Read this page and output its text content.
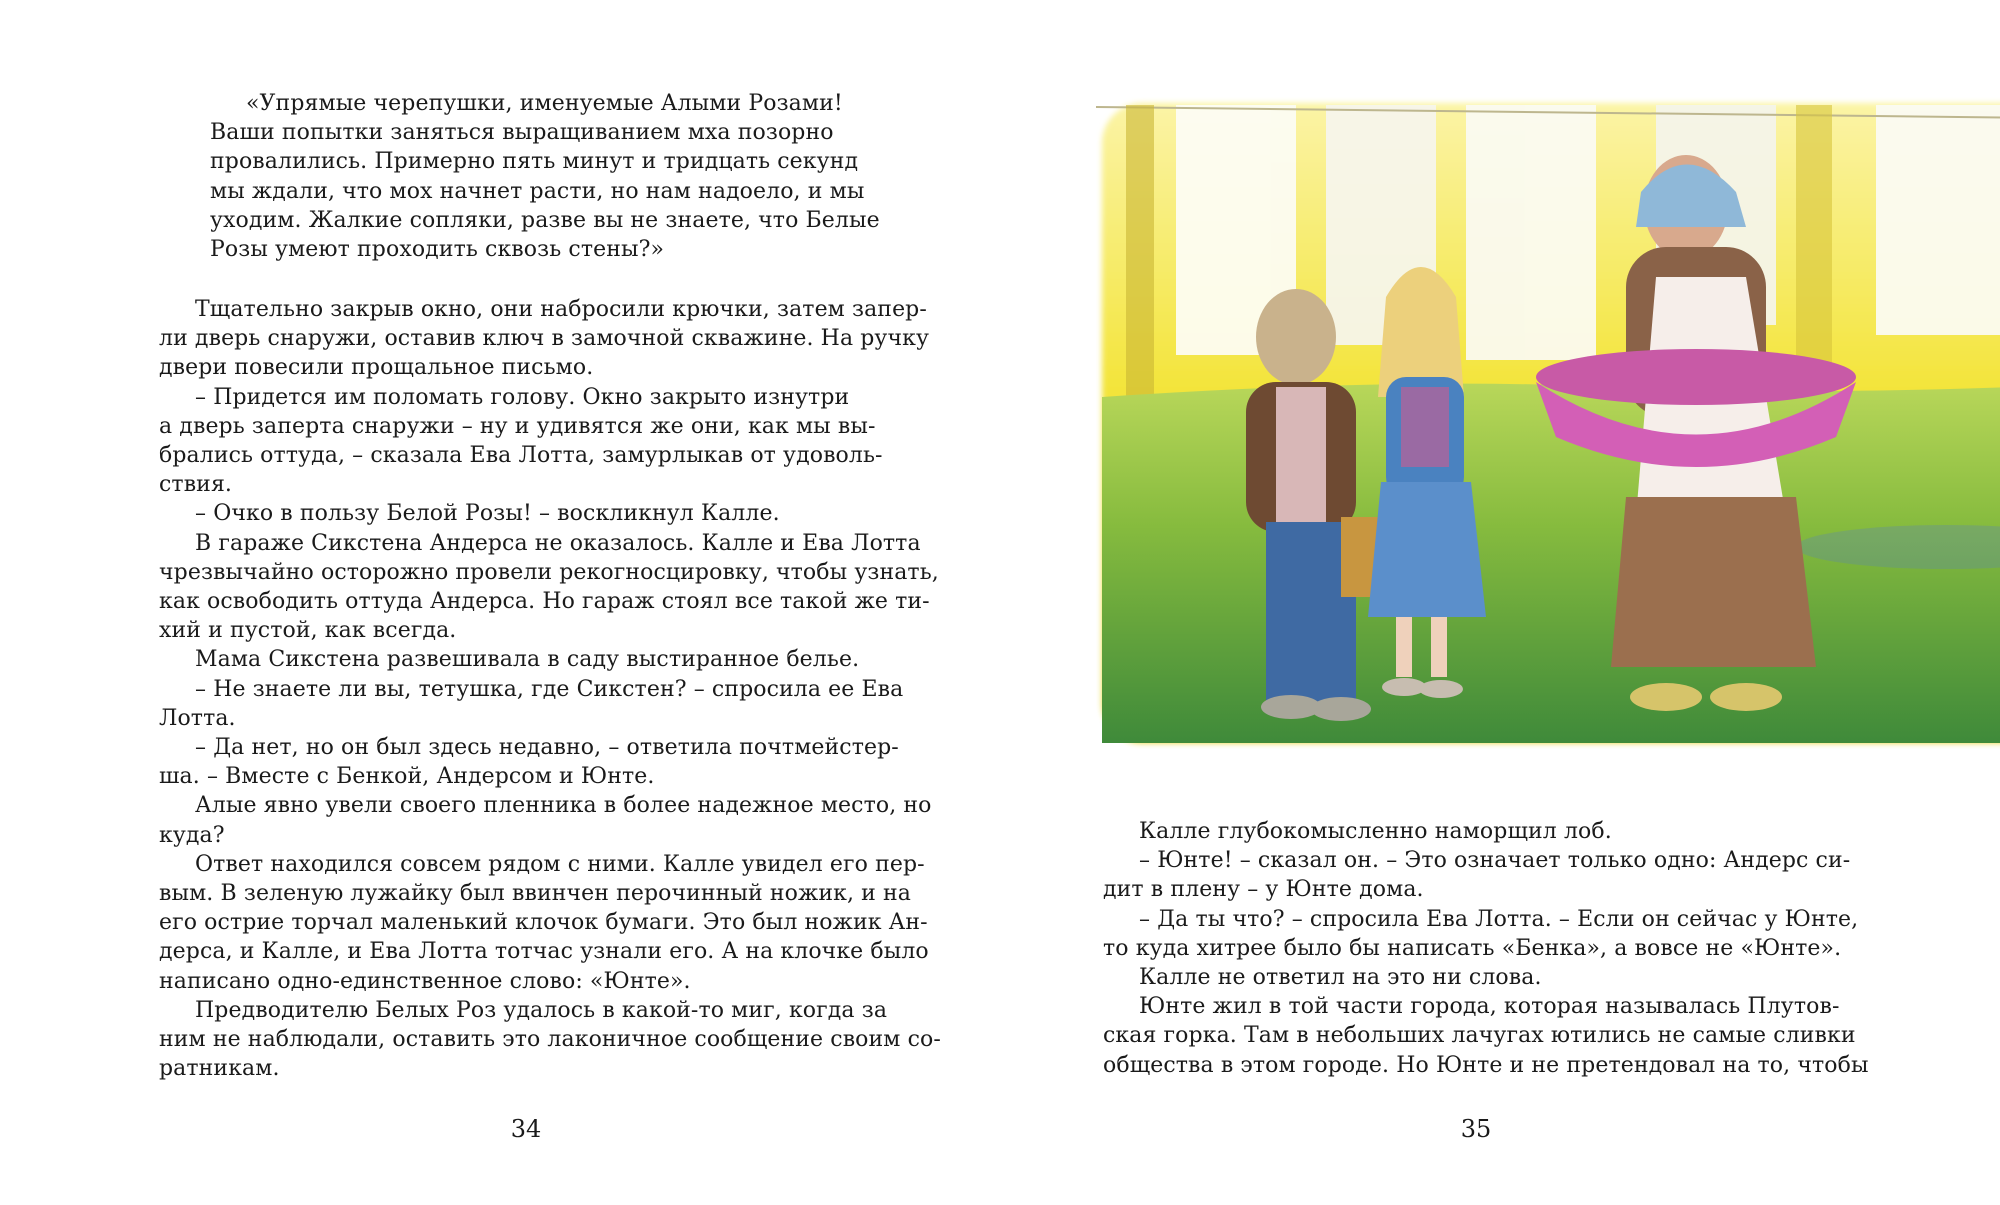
«Упрямые черепушки, именуемые Алыми Розами!
Ваши попытки заняться выращиванием мха позорно
провалились. Примерно пять минут и тридцать секунд
мы ждали, что мох начнет расти, но нам надоело, и мы
уходим. Жалкие сопляки, разве вы не знаете, что Белые
Розы умеют проходить сквозь стены?»
Тщательно закрыв окно, они набросили крючки, затем запер-
ли дверь снаружи, оставив ключ в замочной скважине. На ручку
двери повесили прощальное письмо.
– Придется им поломать голову. Окно закрыто изнутри
а дверь заперта снаружи – ну и удивятся же они, как мы вы-
брались оттуда, – сказала Ева Лотта, замурлыкав от удоволь-
ствия.
– Очко в пользу Белой Розы! – воскликнул Калле.
В гараже Сикстена Андерса не оказалось. Калле и Ева Лотта
чрезвычайно осторожно провели рекогносцировку, чтобы узнать,
как освободить оттуда Андерса. Но гараж стоял все такой же ти-
хий и пустой, как всегда.
Мама Сикстена развешивала в саду выстиранное белье.
– Не знаете ли вы, тетушка, где Сикстен? – спросила ее Ева
Лотта.
– Да нет, но он был здесь недавно, – ответила почтмейстер-
ша. – Вместе с Бенкой, Андерсом и Юнте.
Алые явно увели своего пленника в более надежное место, но
куда?
Ответ находился совсем рядом с ними. Калле увидел его пер-
вым. В зеленую лужайку был ввинчен перочинный ножик, и на
его острие торчал маленький клочок бумаги. Это был ножик Ан-
дерса, и Калле, и Ева Лотта тотчас узнали его. А на клочке было
написано одно-единственное слово: «Юнте».
Предводителю Белых Роз удалось в какой-то миг, когда за
ним не наблюдали, оставить это лаконичное сообщение своим со-
ратникам.
34
Калле глубокомысленно наморщил лоб.
– Юнте! – сказал он. – Это означает только одно: Андерс си-
дит в плену – у Юнте дома.
– Да ты что? – спросила Ева Лотта. – Если он сейчас у Юнте,
то куда хитрее было бы написать «Бенка», а вовсе не «Юнте».
Калле не ответил на это ни слова.
Юнте жил в той части города, которая называлась Плутов-
ская горка. Там в небольших лачугах ютились не самые сливки
общества в этом городе. Но Юнте и не претендовал на то, чтобы
35
